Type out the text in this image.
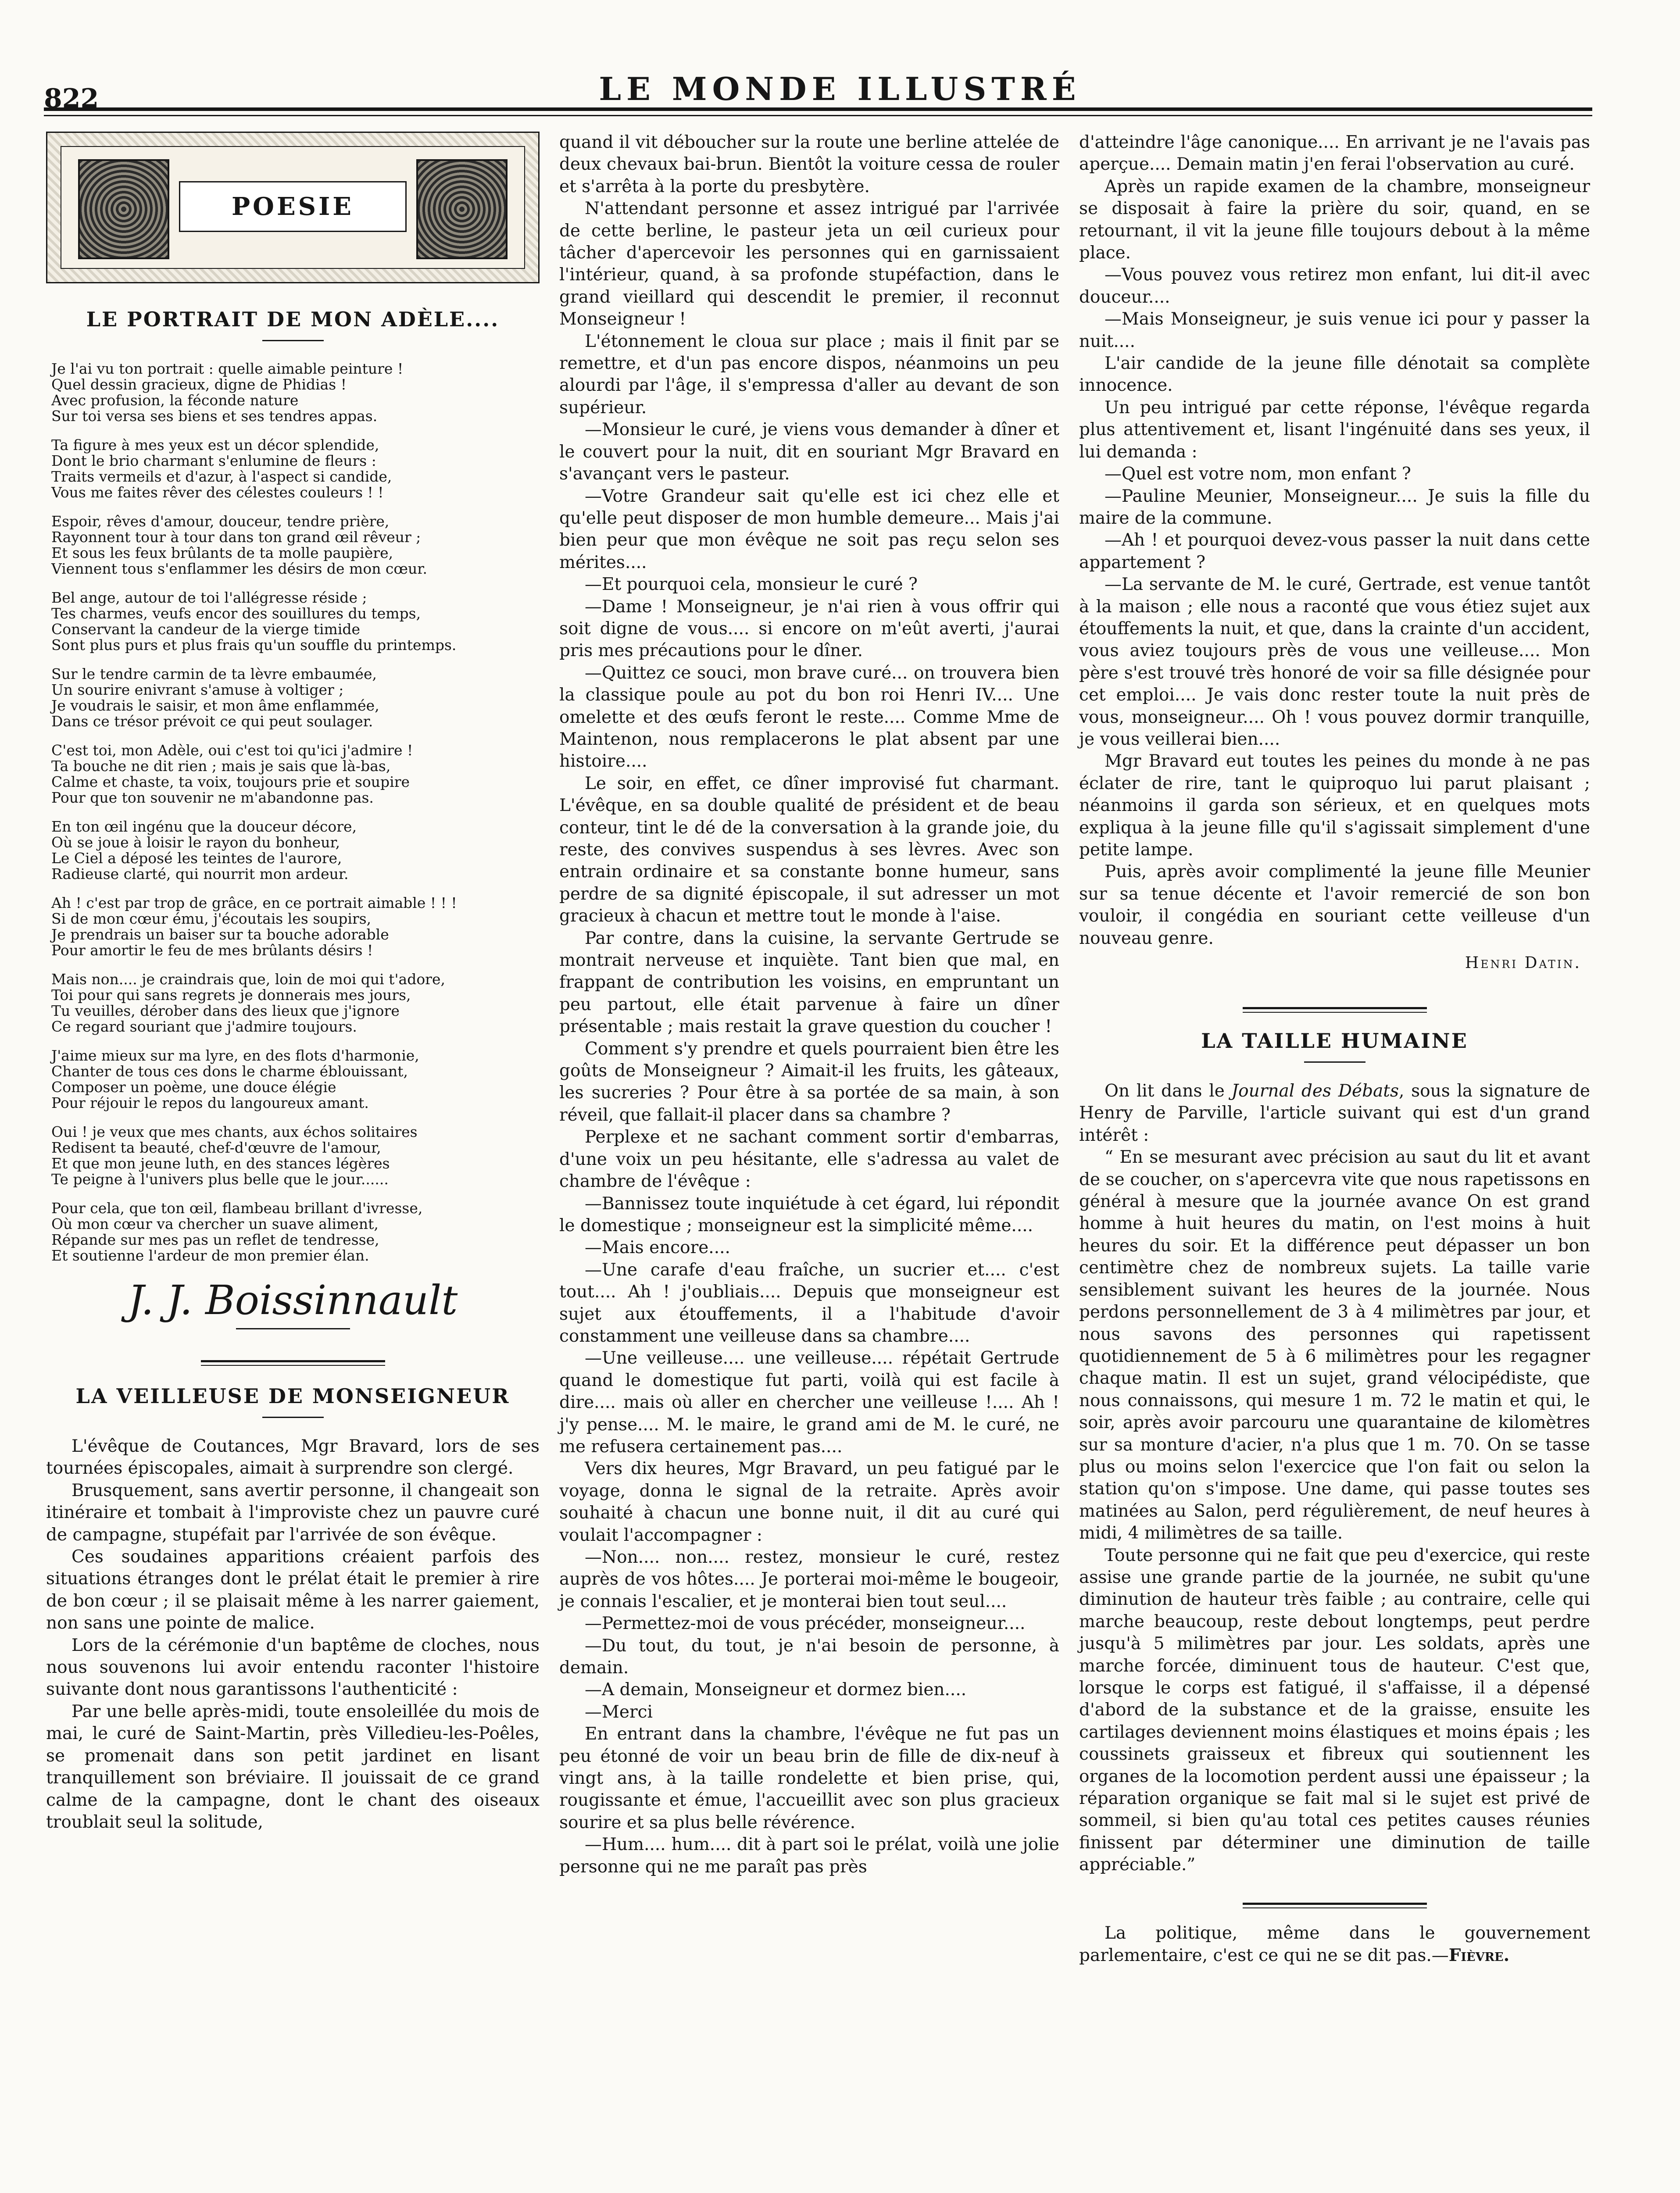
822	LE MONDE ILLUSTRÉ
POESIE
LE PORTRAIT DE MON ADÈLE....
Je l'ai vu ton portrait : quelle aimable peinture !
Quel dessin gracieux, digne de Phidias !
Avec profusion, la féconde nature
Sur toi versa ses biens et ses tendres appas.
Ta figure à mes yeux est un décor splendide,
Dont le brio charmant s'enlumine de fleurs :
Traits vermeils et d'azur, à l'aspect si candide,
Vous me faites rêver des célestes couleurs ! !
Espoir, rêves d'amour, douceur, tendre prière,
Rayonnent tour à tour dans ton grand œil rêveur ;
Et sous les feux brûlants de ta molle paupière,
Viennent tous s'enflammer les désirs de mon cœur.
Bel ange, autour de toi l'allégresse réside ;
Tes charmes, veufs encor des souillures du temps,
Conservant la candeur de la vierge timide
Sont plus purs et plus frais qu'un souffle du printemps.
Sur le tendre carmin de ta lèvre embaumée,
Un sourire enivrant s'amuse à voltiger ;
Je voudrais le saisir, et mon âme enflammée,
Dans ce trésor prévoit ce qui peut soulager.
C'est toi, mon Adèle, oui c'est toi qu'ici j'admire !
Ta bouche ne dit rien ; mais je sais que là-bas,
Calme et chaste, ta voix, toujours prie et soupire
Pour que ton souvenir ne m'abandonne pas.
En ton œil ingénu que la douceur décore,
Où se joue à loisir le rayon du bonheur,
Le Ciel a déposé les teintes de l'aurore,
Radieuse clarté, qui nourrit mon ardeur.
Ah ! c'est par trop de grâce, en ce portrait aimable ! ! !
Si de mon cœur ému, j'écoutais les soupirs,
Je prendrais un baiser sur ta bouche adorable
Pour amortir le feu de mes brûlants désirs !
Mais non.... je craindrais que, loin de moi qui t'adore,
Toi pour qui sans regrets je donnerais mes jours,
Tu veuilles, dérober dans des lieux que j'ignore
Ce regard souriant que j'admire toujours.
J'aime mieux sur ma lyre, en des flots d'harmonie,
Chanter de tous ces dons le charme éblouissant,
Composer un poème, une douce élégie
Pour réjouir le repos du langoureux amant.
Oui ! je veux que mes chants, aux échos solitaires
Redisent ta beauté, chef-d'œuvre de l'amour,
Et que mon jeune luth, en des stances légères
Te peigne à l'univers plus belle que le jour......
Pour cela, que ton œil, flambeau brillant d'ivresse,
Où mon cœur va chercher un suave aliment,
Répande sur mes pas un reflet de tendresse,
Et soutienne l'ardeur de mon premier élan.
J. J. Boissinnault
LA VEILLEUSE DE MONSEIGNEUR

L'évêque de Coutances, Mgr Bravard, lors de ses tournées épiscopales, aimait à surprendre son clergé.

Brusquement, sans avertir personne, il changeait son itinéraire et tombait à l'improviste chez un pauvre curé de campagne, stupéfait par l'arrivée de son évêque.

Ces soudaines apparitions créaient parfois des situations étranges dont le prélat était le premier à rire de bon cœur ; il se plaisait même à les narrer gaiement, non sans une pointe de malice.

Lors de la cérémonie d'un baptême de cloches, nous nous souvenons lui avoir entendu raconter l'histoire suivante dont nous garantissons l'authenticité :

Par une belle après-midi, toute ensoleillée du mois de mai, le curé de Saint-Martin, près Villedieu-les-Poêles, se promenait dans son petit jardinet en lisant tranquillement son bréviaire. Il jouissait de ce grand calme de la campagne, dont le chant des oiseaux troublait seul la solitude,

quand il vit déboucher sur la route une berline attelée de deux chevaux bai-brun. Bientôt la voiture cessa de rouler et s'arrêta à la porte du presbytère.

N'attendant personne et assez intrigué par l'arrivée de cette berline, le pasteur jeta un œil curieux pour tâcher d'apercevoir les personnes qui en garnissaient l'intérieur, quand, à sa profonde stupéfaction, dans le grand vieillard qui descendit le premier, il reconnut Monseigneur !

L'étonnement le cloua sur place ; mais il finit par se remettre, et d'un pas encore dispos, néanmoins un peu alourdi par l'âge, il s'empressa d'aller au devant de son supérieur.

—Monsieur le curé, je viens vous demander à dîner et le couvert pour la nuit, dit en souriant Mgr Bravard en s'avançant vers le pasteur.

—Votre Grandeur sait qu'elle est ici chez elle et qu'elle peut disposer de mon humble demeure... Mais j'ai bien peur que mon évêque ne soit pas reçu selon ses mérites....

—Et pourquoi cela, monsieur le curé ?

—Dame ! Monseigneur, je n'ai rien à vous offrir qui soit digne de vous.... si encore on m'eût averti, j'aurai pris mes précautions pour le dîner.

—Quittez ce souci, mon brave curé... on trouvera bien la classique poule au pot du bon roi Henri IV.... Une omelette et des œufs feront le reste.... Comme Mme de Maintenon, nous remplacerons le plat absent par une histoire....

Le soir, en effet, ce dîner improvisé fut charmant. L'évêque, en sa double qualité de président et de beau conteur, tint le dé de la conversation à la grande joie, du reste, des convives suspendus à ses lèvres. Avec son entrain ordinaire et sa constante bonne humeur, sans perdre de sa dignité épiscopale, il sut adresser un mot gracieux à chacun et mettre tout le monde à l'aise.

Par contre, dans la cuisine, la servante Gertrude se montrait nerveuse et inquiète. Tant bien que mal, en frappant de contribution les voisins, en empruntant un peu partout, elle était parvenue à faire un dîner présentable ; mais restait la grave question du coucher !

Comment s'y prendre et quels pourraient bien être les goûts de Monseigneur ? Aimait-il les fruits, les gâteaux, les sucreries ? Pour être à sa portée de sa main, à son réveil, que fallait-il placer dans sa chambre ?

Perplexe et ne sachant comment sortir d'embarras, d'une voix un peu hésitante, elle s'adressa au valet de chambre de l'évêque :

—Bannissez toute inquiétude à cet égard, lui répondit le domestique ; monseigneur est la simplicité même....

—Mais encore....

—Une carafe d'eau fraîche, un sucrier et.... c'est tout.... Ah ! j'oubliais.... Depuis que monseigneur est sujet aux étouffements, il a l'habitude d'avoir constamment une veilleuse dans sa chambre....

—Une veilleuse.... une veilleuse.... répétait Gertrude quand le domestique fut parti, voilà qui est facile à dire.... mais où aller en chercher une veilleuse !.... Ah ! j'y pense.... M. le maire, le grand ami de M. le curé, ne me refusera certainement pas....

Vers dix heures, Mgr Bravard, un peu fatigué par le voyage, donna le signal de la retraite. Après avoir souhaité à chacun une bonne nuit, il dit au curé qui voulait l'accompagner :

—Non.... non.... restez, monsieur le curé, restez auprès de vos hôtes.... Je porterai moi-même le bougeoir, je connais l'escalier, et je monterai bien tout seul....

—Permettez-moi de vous précéder, monseigneur....

—Du tout, du tout, je n'ai besoin de personne, à demain.

—A demain, Monseigneur et dormez bien....

—Merci

En entrant dans la chambre, l'évêque ne fut pas un peu étonné de voir un beau brin de fille de dix-neuf à vingt ans, à la taille rondelette et bien prise, qui, rougissante et émue, l'accueillit avec son plus gracieux sourire et sa plus belle révérence.

—Hum.... hum.... dit à part soi le prélat, voilà une jolie personne qui ne me paraît pas près

d'atteindre l'âge canonique.... En arrivant je ne l'avais pas aperçue.... Demain matin j'en ferai l'observation au curé.

Après un rapide examen de la chambre, monseigneur se disposait à faire la prière du soir, quand, en se retournant, il vit la jeune fille toujours debout à la même place.

—Vous pouvez vous retirez mon enfant, lui dit-il avec douceur....

—Mais Monseigneur, je suis venue ici pour y passer la nuit....

L'air candide de la jeune fille dénotait sa complète innocence.

Un peu intrigué par cette réponse, l'évêque regarda plus attentivement et, lisant l'ingénuité dans ses yeux, il lui demanda :

—Quel est votre nom, mon enfant ?

—Pauline Meunier, Monseigneur.... Je suis la fille du maire de la commune.

—Ah ! et pourquoi devez-vous passer la nuit dans cette appartement ?

—La servante de M. le curé, Gertrade, est venue tantôt à la maison ; elle nous a raconté que vous étiez sujet aux étouffements la nuit, et que, dans la crainte d'un accident, vous aviez toujours près de vous une veilleuse.... Mon père s'est trouvé très honoré de voir sa fille désignée pour cet emploi.... Je vais donc rester toute la nuit près de vous, monseigneur.... Oh ! vous pouvez dormir tranquille, je vous veillerai bien....

Mgr Bravard eut toutes les peines du monde à ne pas éclater de rire, tant le quiproquo lui parut plaisant ; néanmoins il garda son sérieux, et en quelques mots expliqua à la jeune fille qu'il s'agissait simplement d'une petite lampe.

Puis, après avoir complimenté la jeune fille Meunier sur sa tenue décente et l'avoir remercié de son bon vouloir, il congédia en souriant cette veilleuse d'un nouveau genre.

Henri Datin.
LA TAILLE HUMAINE

On lit dans le Journal des Débats, sous la signature de Henry de Parville, l'article suivant qui est d'un grand intérêt :

“ En se mesurant avec précision au saut du lit et avant de se coucher, on s'apercevra vite que nous rapetissons en général à mesure que la journée avance On est grand homme à huit heures du matin, on l'est moins à huit heures du soir. Et la différence peut dépasser un bon centimètre chez de nombreux sujets. La taille varie sensiblement suivant les heures de la journée. Nous perdons personnellement de 3 à 4 milimètres par jour, et nous savons des personnes qui rapetissent quotidiennement de 5 à 6 milimètres pour les regagner chaque matin. Il est un sujet, grand vélocipédiste, que nous connaissons, qui mesure 1 m. 72 le matin et qui, le soir, après avoir parcouru une quarantaine de kilomètres sur sa monture d'acier, n'a plus que 1 m. 70. On se tasse plus ou moins selon l'exercice que l'on fait ou selon la station qu'on s'impose. Une dame, qui passe toutes ses matinées au Salon, perd régulièrement, de neuf heures à midi, 4 milimètres de sa taille.

Toute personne qui ne fait que peu d'exercice, qui reste assise une grande partie de la journée, ne subit qu'une diminution de hauteur très faible ; au contraire, celle qui marche beaucoup, reste debout longtemps, peut perdre jusqu'à 5 milimètres par jour. Les soldats, après une marche forcée, diminuent tous de hauteur. C'est que, lorsque le corps est fatigué, il s'affaisse, il a dépensé d'abord de la substance et de la graisse, ensuite les cartilages deviennent moins élastiques et moins épais ; les coussinets graisseux et fibreux qui soutiennent les organes de la locomotion perdent aussi une épaisseur ; la réparation organique se fait mal si le sujet est privé de sommeil, si bien qu'au total ces petites causes réunies finissent par déterminer une diminution de taille appréciable.”

La politique, même dans le gouvernement parlementaire, c'est ce qui ne se dit pas.—Fièvre.
